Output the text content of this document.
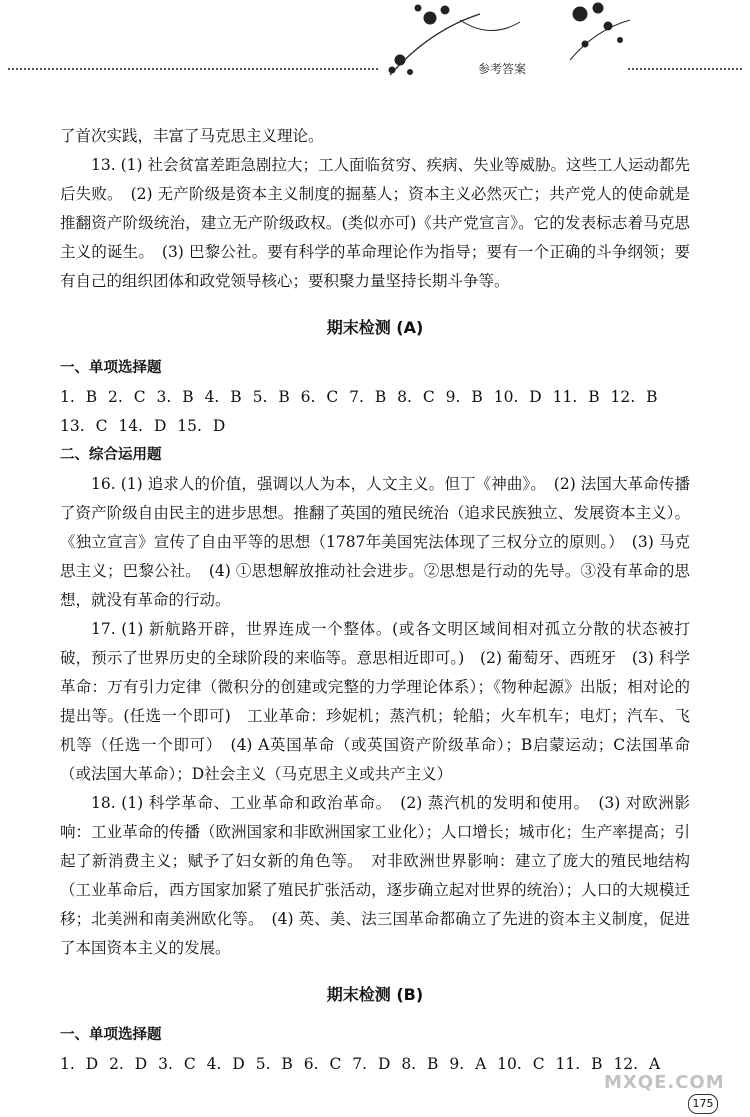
参考答案

了首次实践，丰富了马克思主义理论。

13. (1) 社会贫富差距急剧拉大；工人面临贫穷、疾病、失业等威胁。这些工人运动都先后失败。　(2) 无产阶级是资本主义制度的掘墓人；资本主义必然灭亡；共产党人的使命就是推翻资产阶级统治，建立无产阶级政权。(类似亦可)《共产党宣言》。它的发表标志着马克思主义的诞生。　(3) 巴黎公社。要有科学的革命理论作为指导；要有一个正确的斗争纲领；要有自己的组织团体和政党领导核心；要积聚力量坚持长期斗争等。

期末检测 (A)

一、单项选择题

1. B 2. C 3. B 4. B 5. B 6. C 7. B 8. C 9. B 10. D 11. B 12. B

13. C 14. D 15. D

二、综合运用题

16. (1) 追求人的价值，强调以人为本，人文主义。但丁《神曲》。　(2) 法国大革命传播了资产阶级自由民主的进步思想。推翻了英国的殖民统治（追求民族独立、发展资本主义）。《独立宣言》宣传了自由平等的思想（1787年美国宪法体现了三权分立的原则。）　(3) 马克思主义；巴黎公社。　(4) ①思想解放推动社会进步。②思想是行动的先导。③没有革命的思想，就没有革命的行动。

17. (1) 新航路开辟，世界连成一个整体。(或各文明区域间相对孤立分散的状态被打破，预示了世界历史的全球阶段的来临等。意思相近即可。)　(2) 葡萄牙、西班牙　(3) 科学革命：万有引力定律（微积分的创建或完整的力学理论体系）；《物种起源》出版；相对论的提出等。(任选一个即可)　工业革命：珍妮机；蒸汽机；轮船；火车机车；电灯；汽车、飞机等（任选一个即可）　(4) A英国革命（或英国资产阶级革命）；B启蒙运动；C法国革命（或法国大革命）；D社会主义（马克思主义或共产主义）

18. (1) 科学革命、工业革命和政治革命。　(2) 蒸汽机的发明和使用。　(3) 对欧洲影响：工业革命的传播（欧洲国家和非欧洲国家工业化）；人口增长；城市化；生产率提高；引起了新消费主义；赋予了妇女新的角色等。　对非欧洲世界影响：建立了庞大的殖民地结构（工业革命后，西方国家加紧了殖民扩张活动，逐步确立起对世界的统治）；人口的大规模迁移；北美洲和南美洲欧化等。　(4) 英、美、法三国革命都确立了先进的资本主义制度，促进了本国资本主义的发展。

期末检测 (B)

一、单项选择题

1. D 2. D 3. C 4. D 5. B 6. C 7. D 8. B 9. A 10. C 11. B 12. A

MXQE.COM
175
